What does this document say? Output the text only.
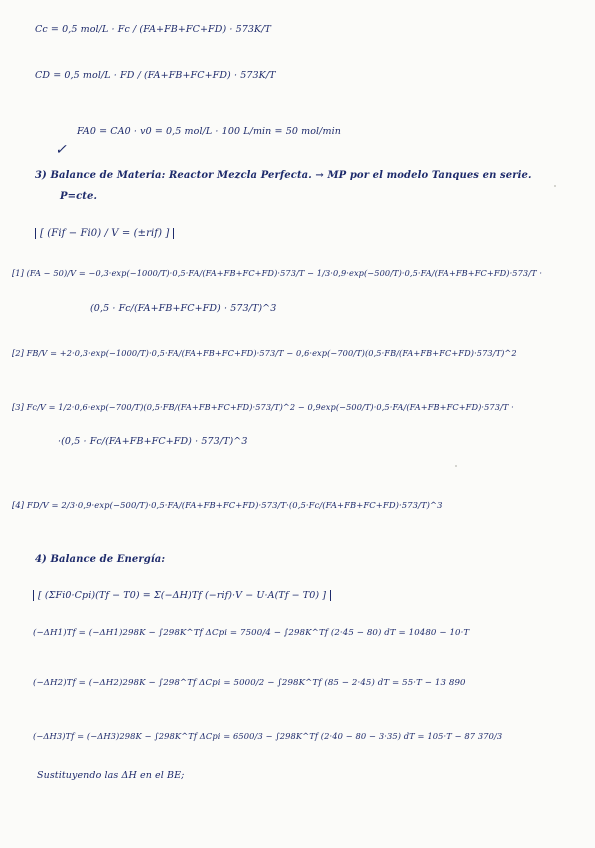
Cc = 0,5 mol/L · Fc / (FA+FB+FC+FD) · 573K/T
CD = 0,5 mol/L · FD / (FA+FB+FC+FD) · 573K/T
FA0 = CA0 · v0 = 0,5 mol/L · 100 L/min = 50 mol/min
✓
3) Balance de Materia: Reactor Mezcla Perfecta. → MP por el modelo Tanques en serie.
P=cte.
[ (Fif − Fi0) / V = (±rif) ]
[1] (FA − 50)/V = −0,3·exp(−1000/T)·0,5·FA/(FA+FB+FC+FD)·573/T − 1/3·0,9·exp(−500/T)·0,5·FA/(FA+FB+FC+FD)·573/T ·
(0,5 · Fc/(FA+FB+FC+FD) · 573/T)^3
[2] FB/V = +2·0,3·exp(−1000/T)·0,5·FA/(FA+FB+FC+FD)·573/T − 0,6·exp(−700/T)(0,5·FB/(FA+FB+FC+FD)·573/T)^2
[3] Fc/V = 1/2·0,6·exp(−700/T)(0,5·FB/(FA+FB+FC+FD)·573/T)^2 − 0,9exp(−500/T)·0,5·FA/(FA+FB+FC+FD)·573/T ·
·(0,5 · Fc/(FA+FB+FC+FD) · 573/T)^3
[4] FD/V = 2/3·0,9·exp(−500/T)·0,5·FA/(FA+FB+FC+FD)·573/T·(0,5·Fc/(FA+FB+FC+FD)·573/T)^3
4) Balance de Energía:
[ (ΣFi0·Cpi)(Tf − T0) = Σ(−ΔH)Tf (−rif)·V − U·A(Tf − T0) ]
(−ΔH1)Tf = (−ΔH1)298K − ∫298K^Tf ΔCpi = 7500/4 − ∫298K^Tf (2·45 − 80) dT = 10480 − 10·T
(−ΔH2)Tf = (−ΔH2)298K − ∫298^Tf ΔCpi = 5000/2 − ∫298K^Tf (85 − 2·45) dT = 55·T − 13 890
(−ΔH3)Tf = (−ΔH3)298K − ∫298K^Tf ΔCpi = 6500/3 − ∫298K^Tf (2·40 − 80 − 3·35) dT = 105·T − 87 370/3
Sustituyendo las ΔH en el BE;
